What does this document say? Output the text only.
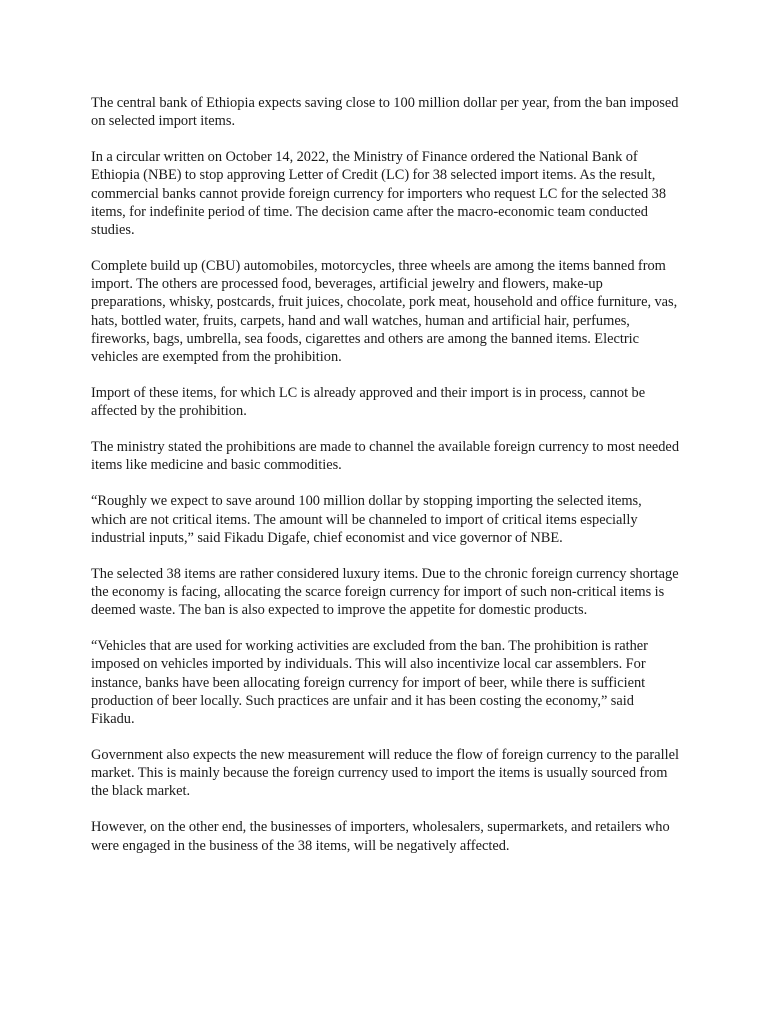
The central bank of Ethiopia expects saving close to 100 million dollar per year, from the ban imposed on selected import items.

In a circular written on October 14, 2022, the Ministry of Finance ordered the National Bank of Ethiopia (NBE) to stop approving Letter of Credit (LC) for 38 selected import items. As the result, commercial banks cannot provide foreign currency for importers who request LC for the selected 38 items, for indefinite period of time. The decision came after the macro-economic team conducted studies.

Complete build up (CBU) automobiles, motorcycles, three wheels are among the items banned from import. The others are processed food, beverages, artificial jewelry and flowers, make-up preparations, whisky, postcards, fruit juices, chocolate, pork meat, household and office furniture, vas, hats, bottled water, fruits, carpets, hand and wall watches, human and artificial hair, perfumes, fireworks, bags, umbrella, sea foods, cigarettes and others are among the banned items. Electric vehicles are exempted from the prohibition.

Import of these items, for which LC is already approved and their import is in process, cannot be affected by the prohibition.

The ministry stated the prohibitions are made to channel the available foreign currency to most needed items like medicine and basic commodities.

“Roughly we expect to save around 100 million dollar by stopping importing the selected items, which are not critical items. The amount will be channeled to import of critical items especially industrial inputs,” said Fikadu Digafe, chief economist and vice governor of NBE.

The selected 38 items are rather considered luxury items. Due to the chronic foreign currency shortage the economy is facing, allocating the scarce foreign currency for import of such non-critical items is deemed waste. The ban is also expected to improve the appetite for domestic products.

“Vehicles that are used for working activities are excluded from the ban. The prohibition is rather imposed on vehicles imported by individuals. This will also incentivize local car assemblers. For instance, banks have been allocating foreign currency for import of beer, while there is sufficient production of beer locally. Such practices are unfair and it has been costing the economy,” said Fikadu.

Government also expects the new measurement will reduce the flow of foreign currency to the parallel market. This is mainly because the foreign currency used to import the items is usually sourced from the black market.

However, on the other end, the businesses of importers, wholesalers, supermarkets, and retailers who were engaged in the business of the 38 items, will be negatively affected.
